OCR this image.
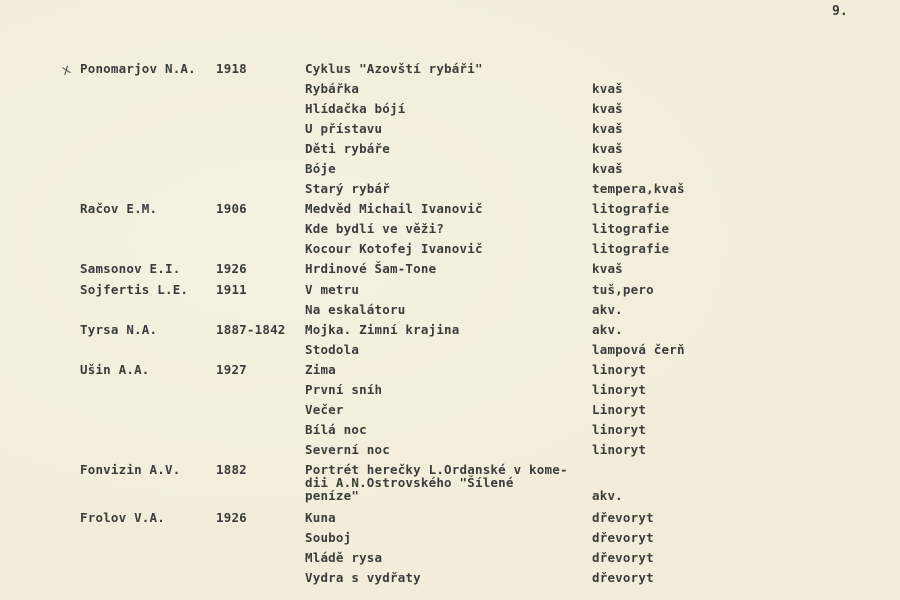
9.
x Ponomarjov N.A. 1918	Cyklus "Azovští rybáři"
Rybářka	kvaš
Hlídačka bójí	kvaš
U přístavu	kvaš
Děti rybáře	kvaš
Bóje	kvaš
Starý rybář	tempera,kvaš
Račov E.M.	1906	Medvěd Michail Ivanovič	litografie
Kde bydlí ve věži?	litografie
Kocour Kotofej Ivanovič	litografie
Samsonov E.I.	1926	Hrdinové Šam-Tone	kvaš
Sojfertis L.E. 1911	V metru	tuš,pero
Na eskalátoru	akv.
Tyrsa N.A.	1887-1842 Mojka. Zimní krajina	akv.
Stodola	lampová čerň
Ušin A.A.	1927	Zima	linoryt
První sníh	linoryt
Večer	Linoryt
Bílá noc	linoryt
Severní noc	linoryt
Fonvizin A.V.	1882	Portrét herečky L.Ordanské v kome-
dii A.N.Ostrovského "Šílené
peníze"	akv.
Frolov V.A.	1926	Kuna	dřevoryt
Souboj	dřevoryt
Mládě rysa	dřevoryt
Vydra s vydřaty	dřevoryt
